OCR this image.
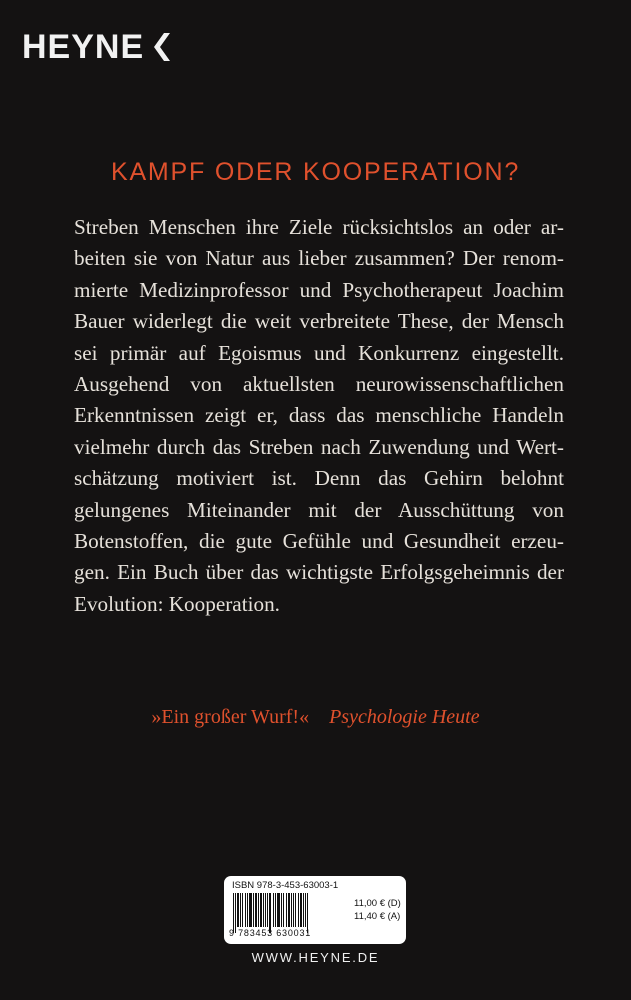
HEYNE
KAMPF ODER KOOPERATION?
Streben Menschen ihre Ziele rücksichtslos an oder ar-
beiten sie von Natur aus lieber zusammen? Der renom-
mierte Medizinprofessor und Psychotherapeut Joachim
Bauer widerlegt die weit verbreitete These, der Mensch
sei primär auf Egoismus und Konkurrenz eingestellt.
Ausgehend von aktuellsten neurowissenschaftlichen
Erkenntnissen zeigt er, dass das menschliche Handeln
vielmehr durch das Streben nach Zuwendung und Wert-
schätzung motiviert ist. Denn das Gehirn belohnt
gelungenes Miteinander mit der Ausschüttung von
Botenstoffen, die gute Gefühle und Gesundheit erzeu-
gen. Ein Buch über das wichtigste Erfolgsgeheimnis der
Evolution: Kooperation.
»Ein großer Wurf!« Psychologie Heute
ISBN 978-3-453-63003-1
9 783453 630031
11,00 € (D)
11,40 € (A)
WWW.HEYNE.DE
